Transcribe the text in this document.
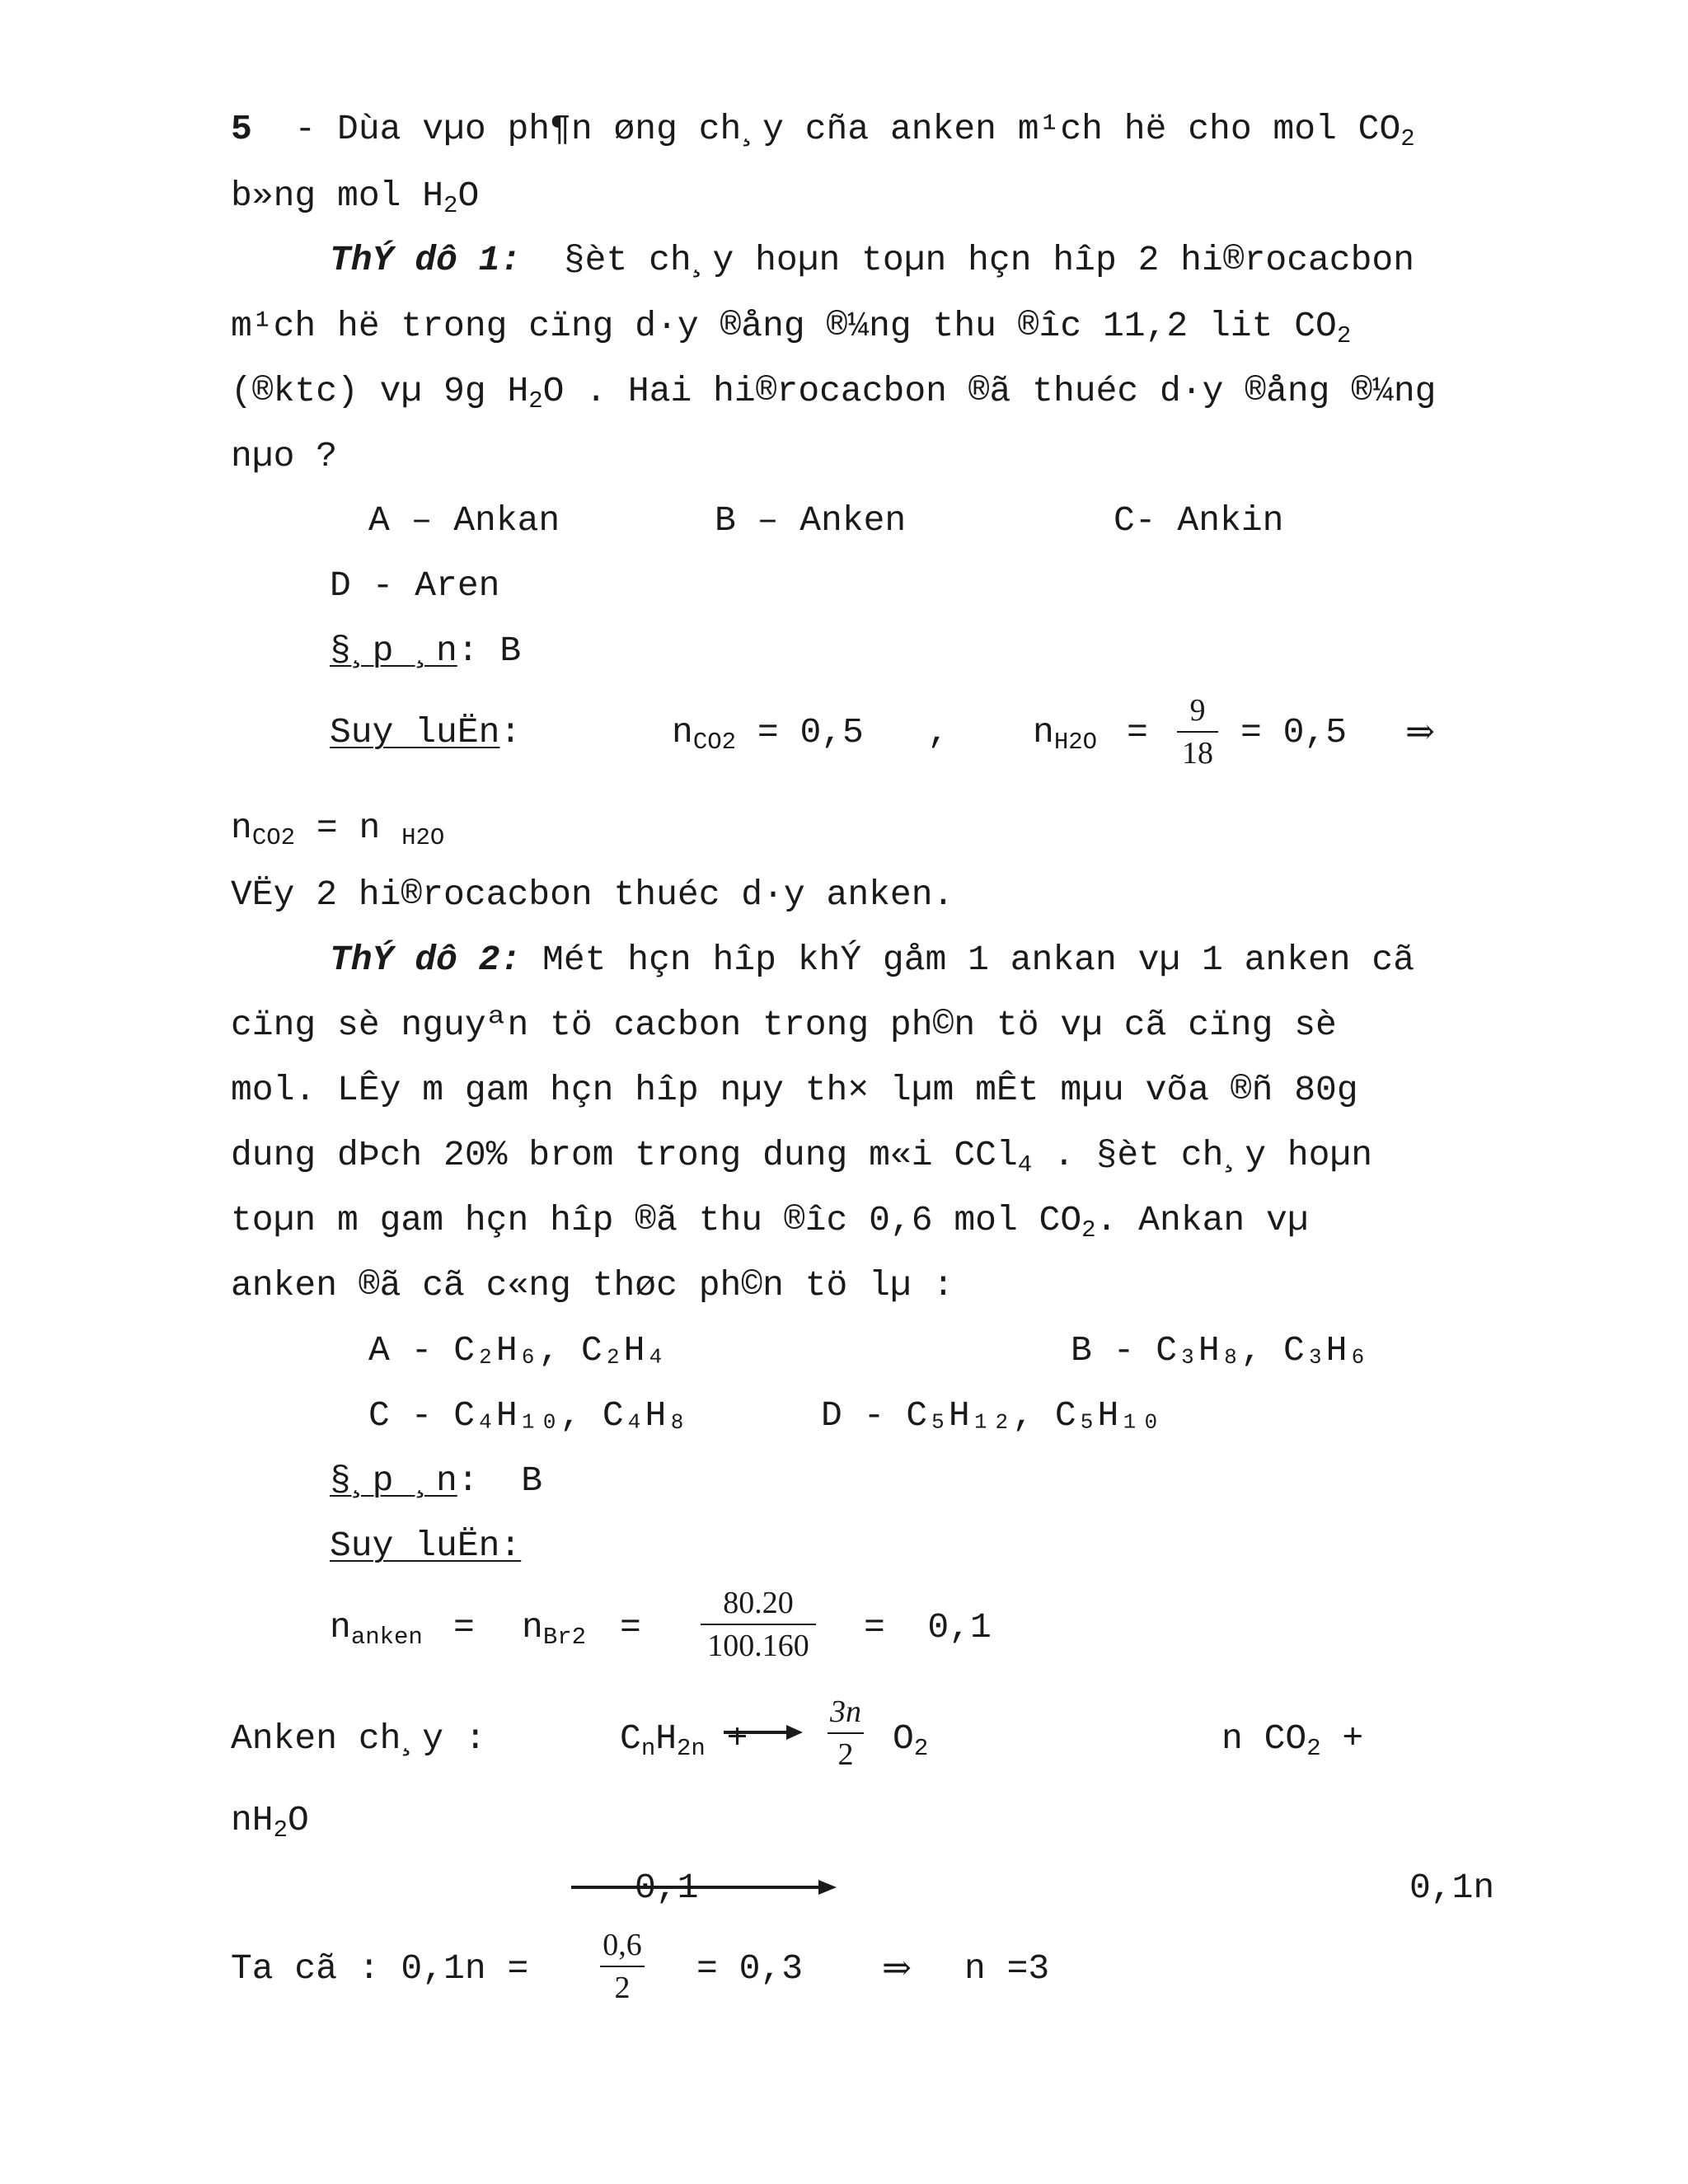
5  - Dùa vµo ph¶n øng ch¸y cña anken m¹ch hë cho mol $CO_2$
b»ng mol $H_2O$
ThÝ dô 1:  §èt ch¸y hoµn toµn hçn hîp 2 hi®rocacbon
m¹ch hë trong cïng d·y ®ång ®¼ng thu ®îc 11,2 lit $CO_2$
(®ktc) vµ 9g $H_2O$ . Hai hi®rocacbon ®ã thuéc d·y ®ång ®¼ng
nµo ?
A – Ankan	B – Anken	C- Ankin
D - Aren
§¸p ¸n: B
Suy luËn:	$n_{CO2} = 0,5$   , $n_{H2O}$ =
9
18
= 0,5 ⇒
$n_{CO2} = n$ $_{H2O}$
VËy 2 hi®rocacbon thuéc d·y anken.
ThÝ dô 2: Mét hçn hîp khÝ gåm 1 ankan vµ 1 anken cã
cïng sè nguyªn tö cacbon trong ph©n tö vµ cã cïng sè
mol. LÊy m gam hçn hîp nµy th× lµm mÊt mµu võa ®ñ 80g
dung dÞch 20% brom trong dung m«i CCl$_4$ . §èt ch¸y hoµn
toµn m gam hçn hîp ®ã thu ®îc 0,6 mol $CO_2$. Ankan vµ
anken ®ã cã c«ng thøc ph©n tö lµ :
A - C₂H₆, C₂H₄	B - C₃H₈, C₃H₆
C - C₄H₁₀, C₄H₈	D - C₅H₁₂, C₅H₁₀
§¸p ¸n:  B
Suy luËn:
$n_{anken} = n_{Br2}$ =
80.20
100.160 =  0,1
Anken ch¸y :	$C_nH_{2n}$ +
3n
2 $O_2$	n $CO_2$ +
$nH_2O$
0,1	0,1n
Ta cã : 0,1n =
0,6
2	= 0,3 ⇒ n =3
